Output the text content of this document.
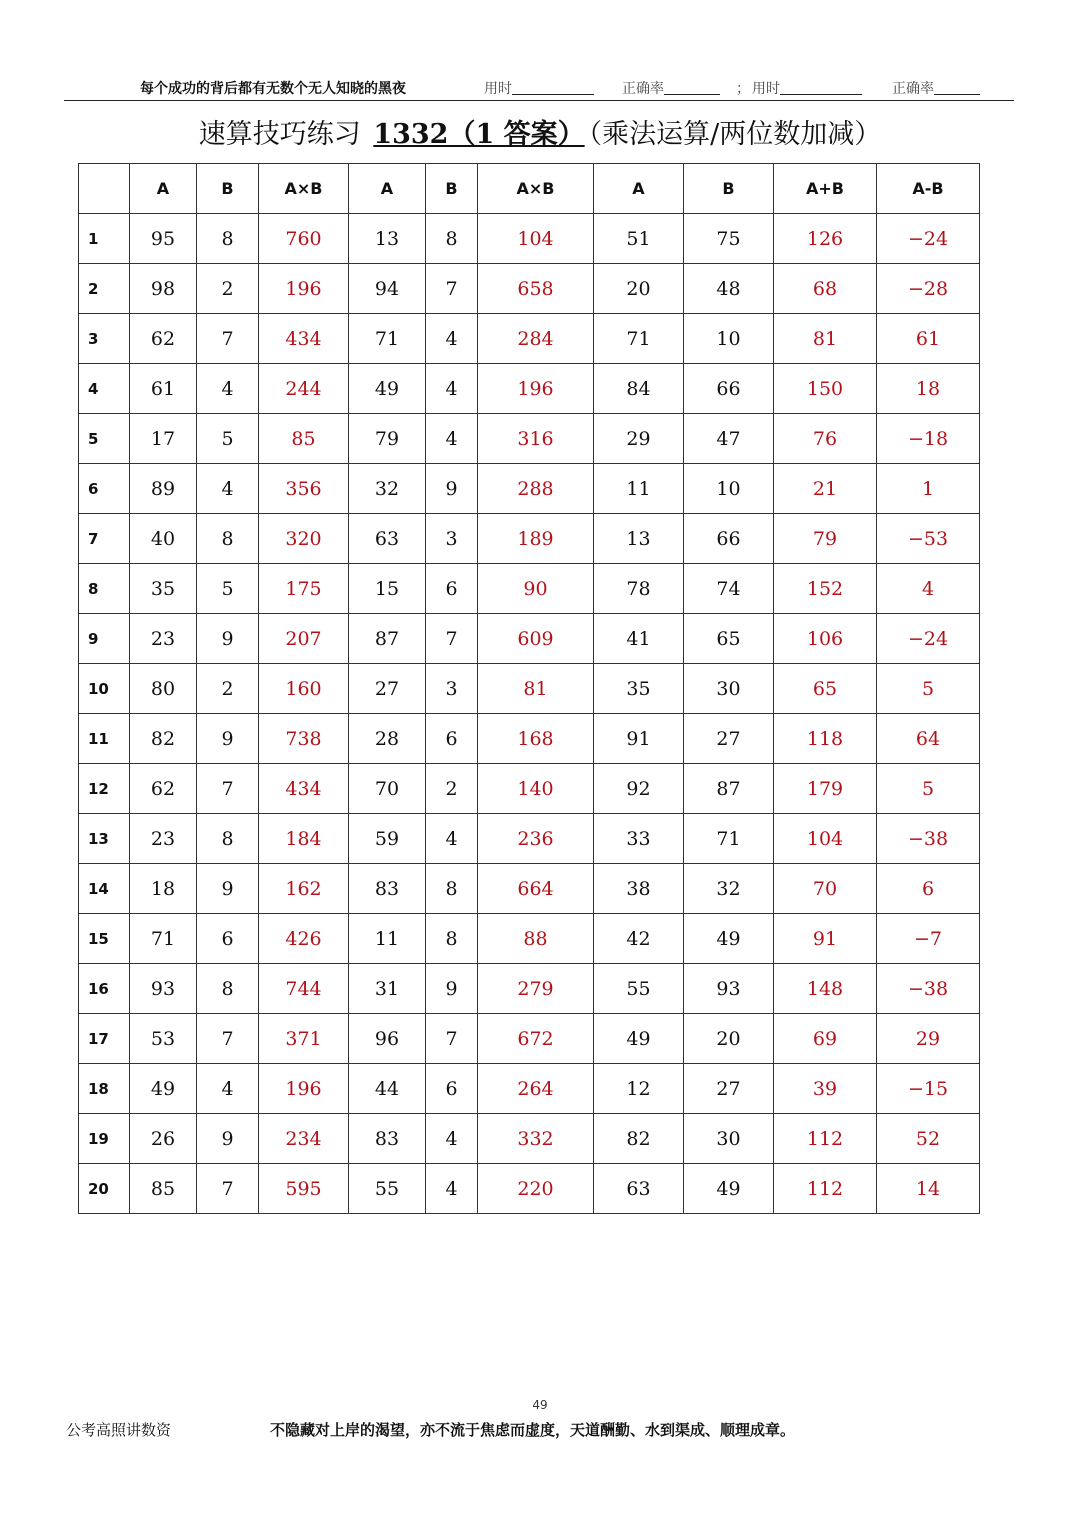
每个成功的背后都有无数个无人知晓的黑夜	用时	正确率	； 用时	正确率
速算技巧练习 1332（1 答案） （乘法运算/两位数加减）
	A	B	A×B	A	B	A×B	A	B	A+B	A-B
1	95	8	760	13	8	104	51	75	126	−24
2	98	2	196	94	7	658	20	48	68	−28
3	62	7	434	71	4	284	71	10	81	61
4	61	4	244	49	4	196	84	66	150	18
5	17	5	85	79	4	316	29	47	76	−18
6	89	4	356	32	9	288	11	10	21	1
7	40	8	320	63	3	189	13	66	79	−53
8	35	5	175	15	6	90	78	74	152	4
9	23	9	207	87	7	609	41	65	106	−24
10	80	2	160	27	3	81	35	30	65	5
11	82	9	738	28	6	168	91	27	118	64
12	62	7	434	70	2	140	92	87	179	5
13	23	8	184	59	4	236	33	71	104	−38
14	18	9	162	83	8	664	38	32	70	6
15	71	6	426	11	8	88	42	49	91	−7
16	93	8	744	31	9	279	55	93	148	−38
17	53	7	371	96	7	672	49	20	69	29
18	49	4	196	44	6	264	12	27	39	−15
19	26	9	234	83	4	332	82	30	112	52
20	85	7	595	55	4	220	63	49	112	14
49
公考高照讲数资	不隐藏对上岸的渴望，亦不流于焦虑而虚度，天道酬勤、水到渠成、顺理成章。
